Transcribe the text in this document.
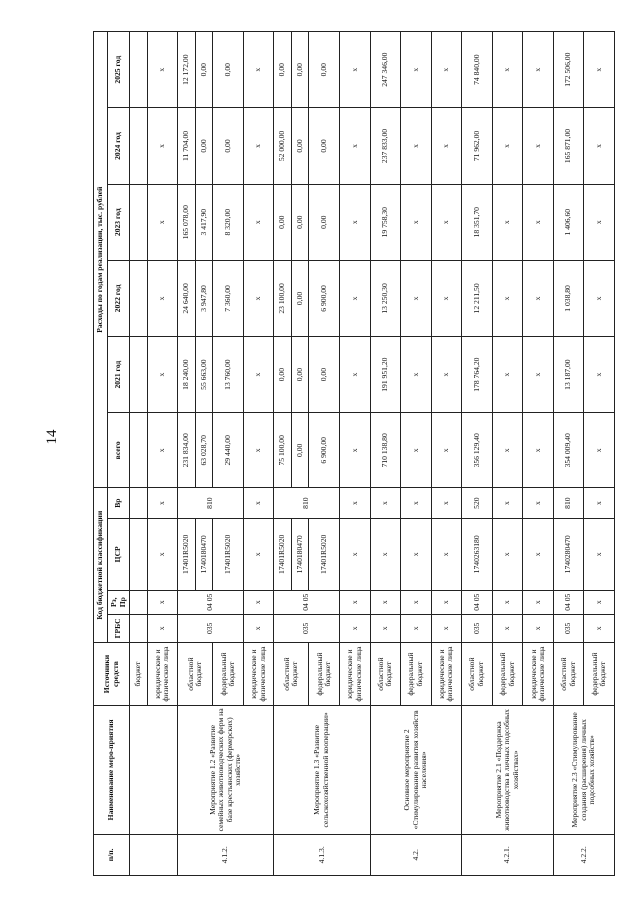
14
п/п.	Наименование меро-приятия	Источники средств	Код бюджетной классификации				Расходы по годам реализации, тыс. рублей					
			ГРБС	Рз, Пр	ЦСР	Вр	всего	2021 год	2022 год	2023 год	2024 год	2025 год
		бюджет										
		юридические и физические лица	x	x	x	x	x	x	x	x	x	x
4.1.2.	Мероприятие 1.2 «Развитие семейных животноводческих ферм на базе крестьянских (фермерских) хозяйств»	областной бюджет	035	04 05	17401R5020	810	231 834,00	18 240,00	24 640,00	165 078,00	11 704,00	12 172,00
					1740180470		63 028,70	55 663,00	3 947,80	3 417,90	0,00	0,00
		федеральный бюджет			17401R5020		29 440,00	13 760,00	7 360,00	8 320,00	0,00	0,00
		юридические и физические лица	x	x	x	x	x	x	x	x	x	x
4.1.3.	Мероприятие 1.3 «Развитие сельскохозяйственной кооперации»	областной бюджет	035	04 05	17401R5020	810	75 100,00	0,00	23 100,00	0,00	52 000,00	0,00
					1740180470		0,00	0,00	0,00	0,00	0,00	0,00
		федеральный бюджет			17401R5020		6 900,00	0,00	6 900,00	0,00	0,00	0,00
		юридические и физические лица	x	x	x	x	x	x	x	x	x	x
4.2.	Основное мероприятие 2 «Стимулирование развития хозяйств населения»	областной бюджет	x	x	x	x	710 138,80	191 951,20	13 250,30	19 758,30	237 833,00	247 346,00
		федеральный бюджет	x	x	x	x	x	x	x	x	x	x
		юридические и физические лица	x	x	x	x	x	x	x	x	x	x
4.2.1.	Мероприятие 2.1 «Поддержка животноводства в личных подсобных хозяйствах»	областной бюджет	035	04 05	1740263180	520	356 129,40	178 764,20	12 211,50	18 351,70	71 962,00	74 840,00
		федеральный бюджет	x	x	x	x	x	x	x	x	x	x
		юридические и физические лица	x	x	x	x	x	x	x	x	x	x
4.2.2.	Мероприятие 2.3 «Стимулирование создания (расширения) личных подсобных хозяйств»	областной бюджет	035	04 05	1740280470	810	354 009,40	13 187,00	1 038,80	1 406,60	165 871,00	172 506,00
		федеральный бюджет	x	x	x	x	x	x	x	x	x	x
